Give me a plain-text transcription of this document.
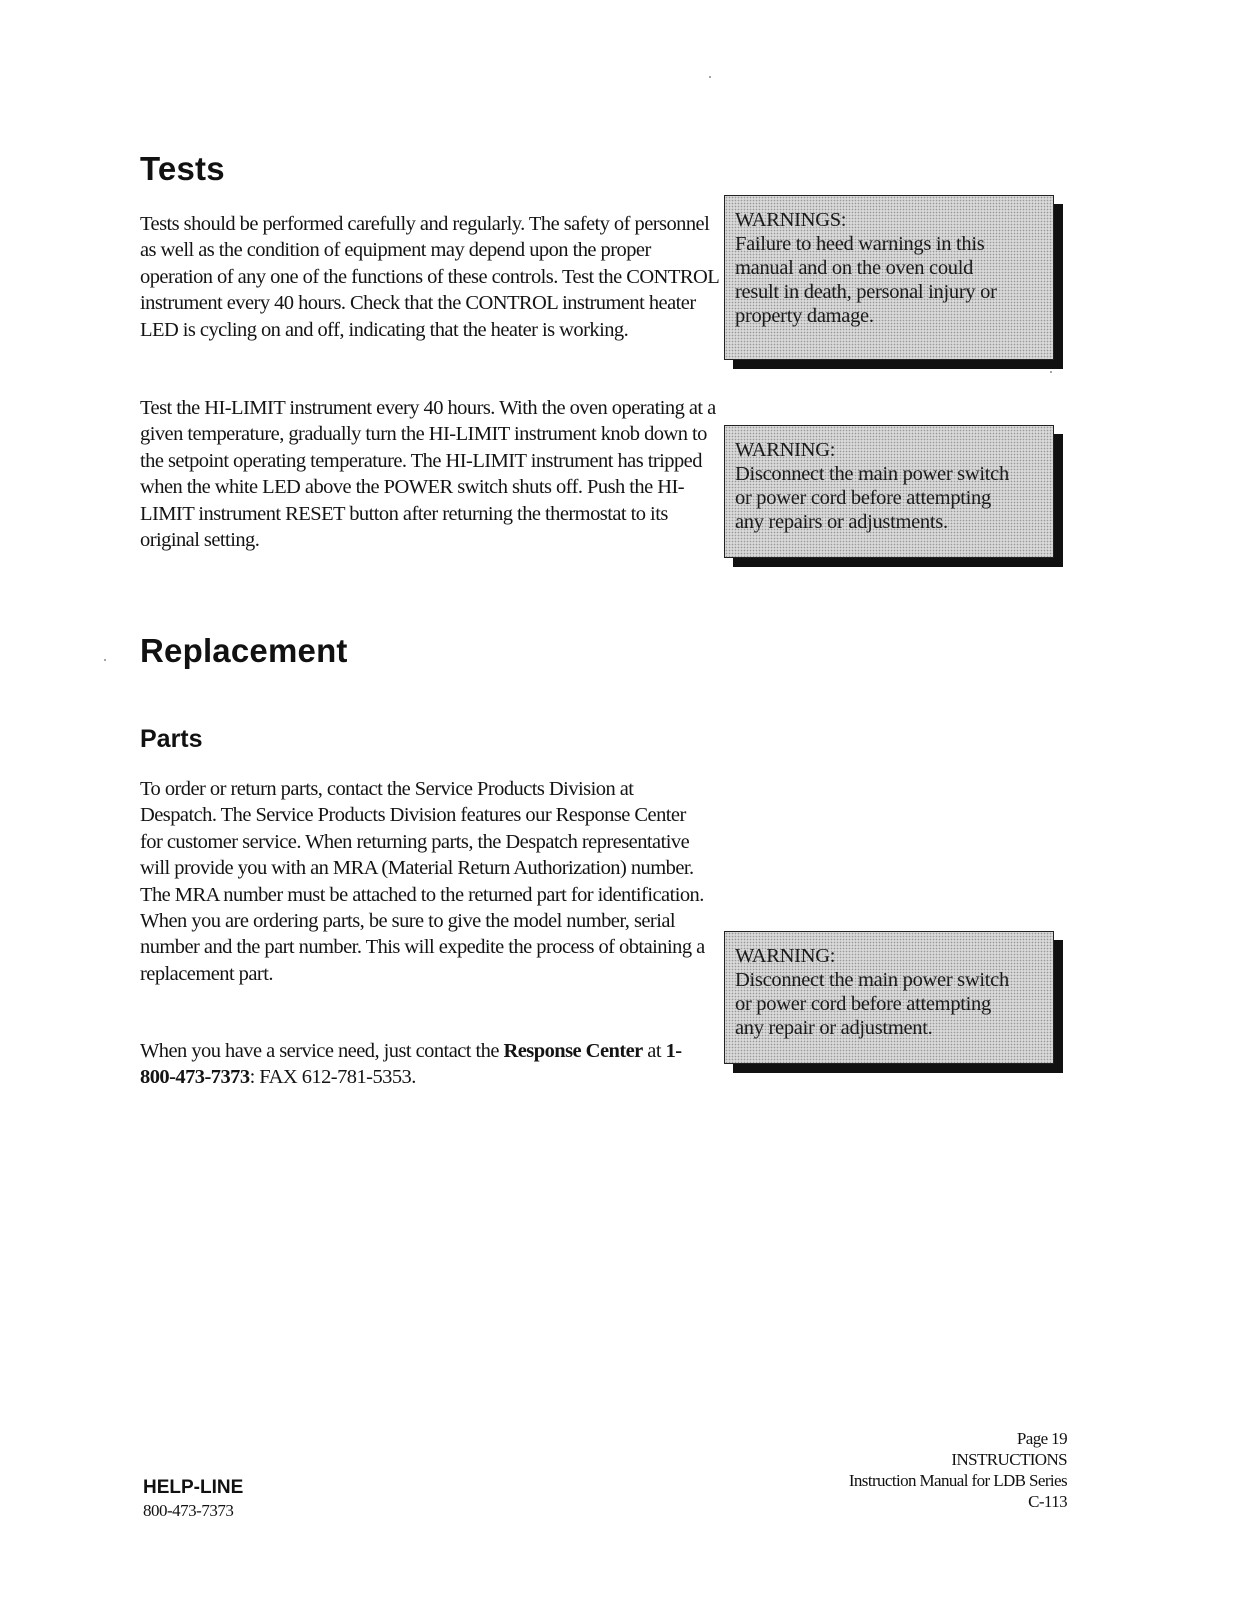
Tests

Tests should be performed carefully and regularly. The safety of personnel as well as the condition of equipment may depend upon the proper operation of any one of the functions of these controls. Test the CONTROL instrument every 40 hours. Check that the CONTROL instrument heater LED is cycling on and off, indicating that the heater is working.

Test the HI-LIMIT instrument every 40 hours. With the oven operating at a given temperature, gradually turn the HI-LIMIT instrument knob down to the setpoint operating temperature. The HI-LIMIT instrument has tripped when the white LED above the POWER switch shuts off. Push the HI-LIMIT instrument RESET button after returning the thermostat to its original setting.

WARNINGS:
Failure to heed warnings in this
manual and on the oven could
result in death, personal injury or
property damage.
WARNING:
Disconnect the main power switch
or power cord before attempting
any repairs or adjustments.
Replacement
Parts

To order or return parts, contact the Service Products Division at Despatch. The Service Products Division features our Response Center for customer service. When returning parts, the Despatch representative will provide you with an MRA (Material Return Authorization) number. The MRA number must be attached to the returned part for identification. When you are ordering parts, be sure to give the model number, serial number and the part number. This will expedite the process of obtaining a replacement part.

When you have a service need, just contact the Response Center at 1-800-473-7373: FAX 612-781-5353.

WARNING:
Disconnect the main power switch
or power cord before attempting
any repair or adjustment.
HELP-LINE
800-473-7373
Page 19
INSTRUCTIONS
Instruction Manual for LDB Series
C-113
